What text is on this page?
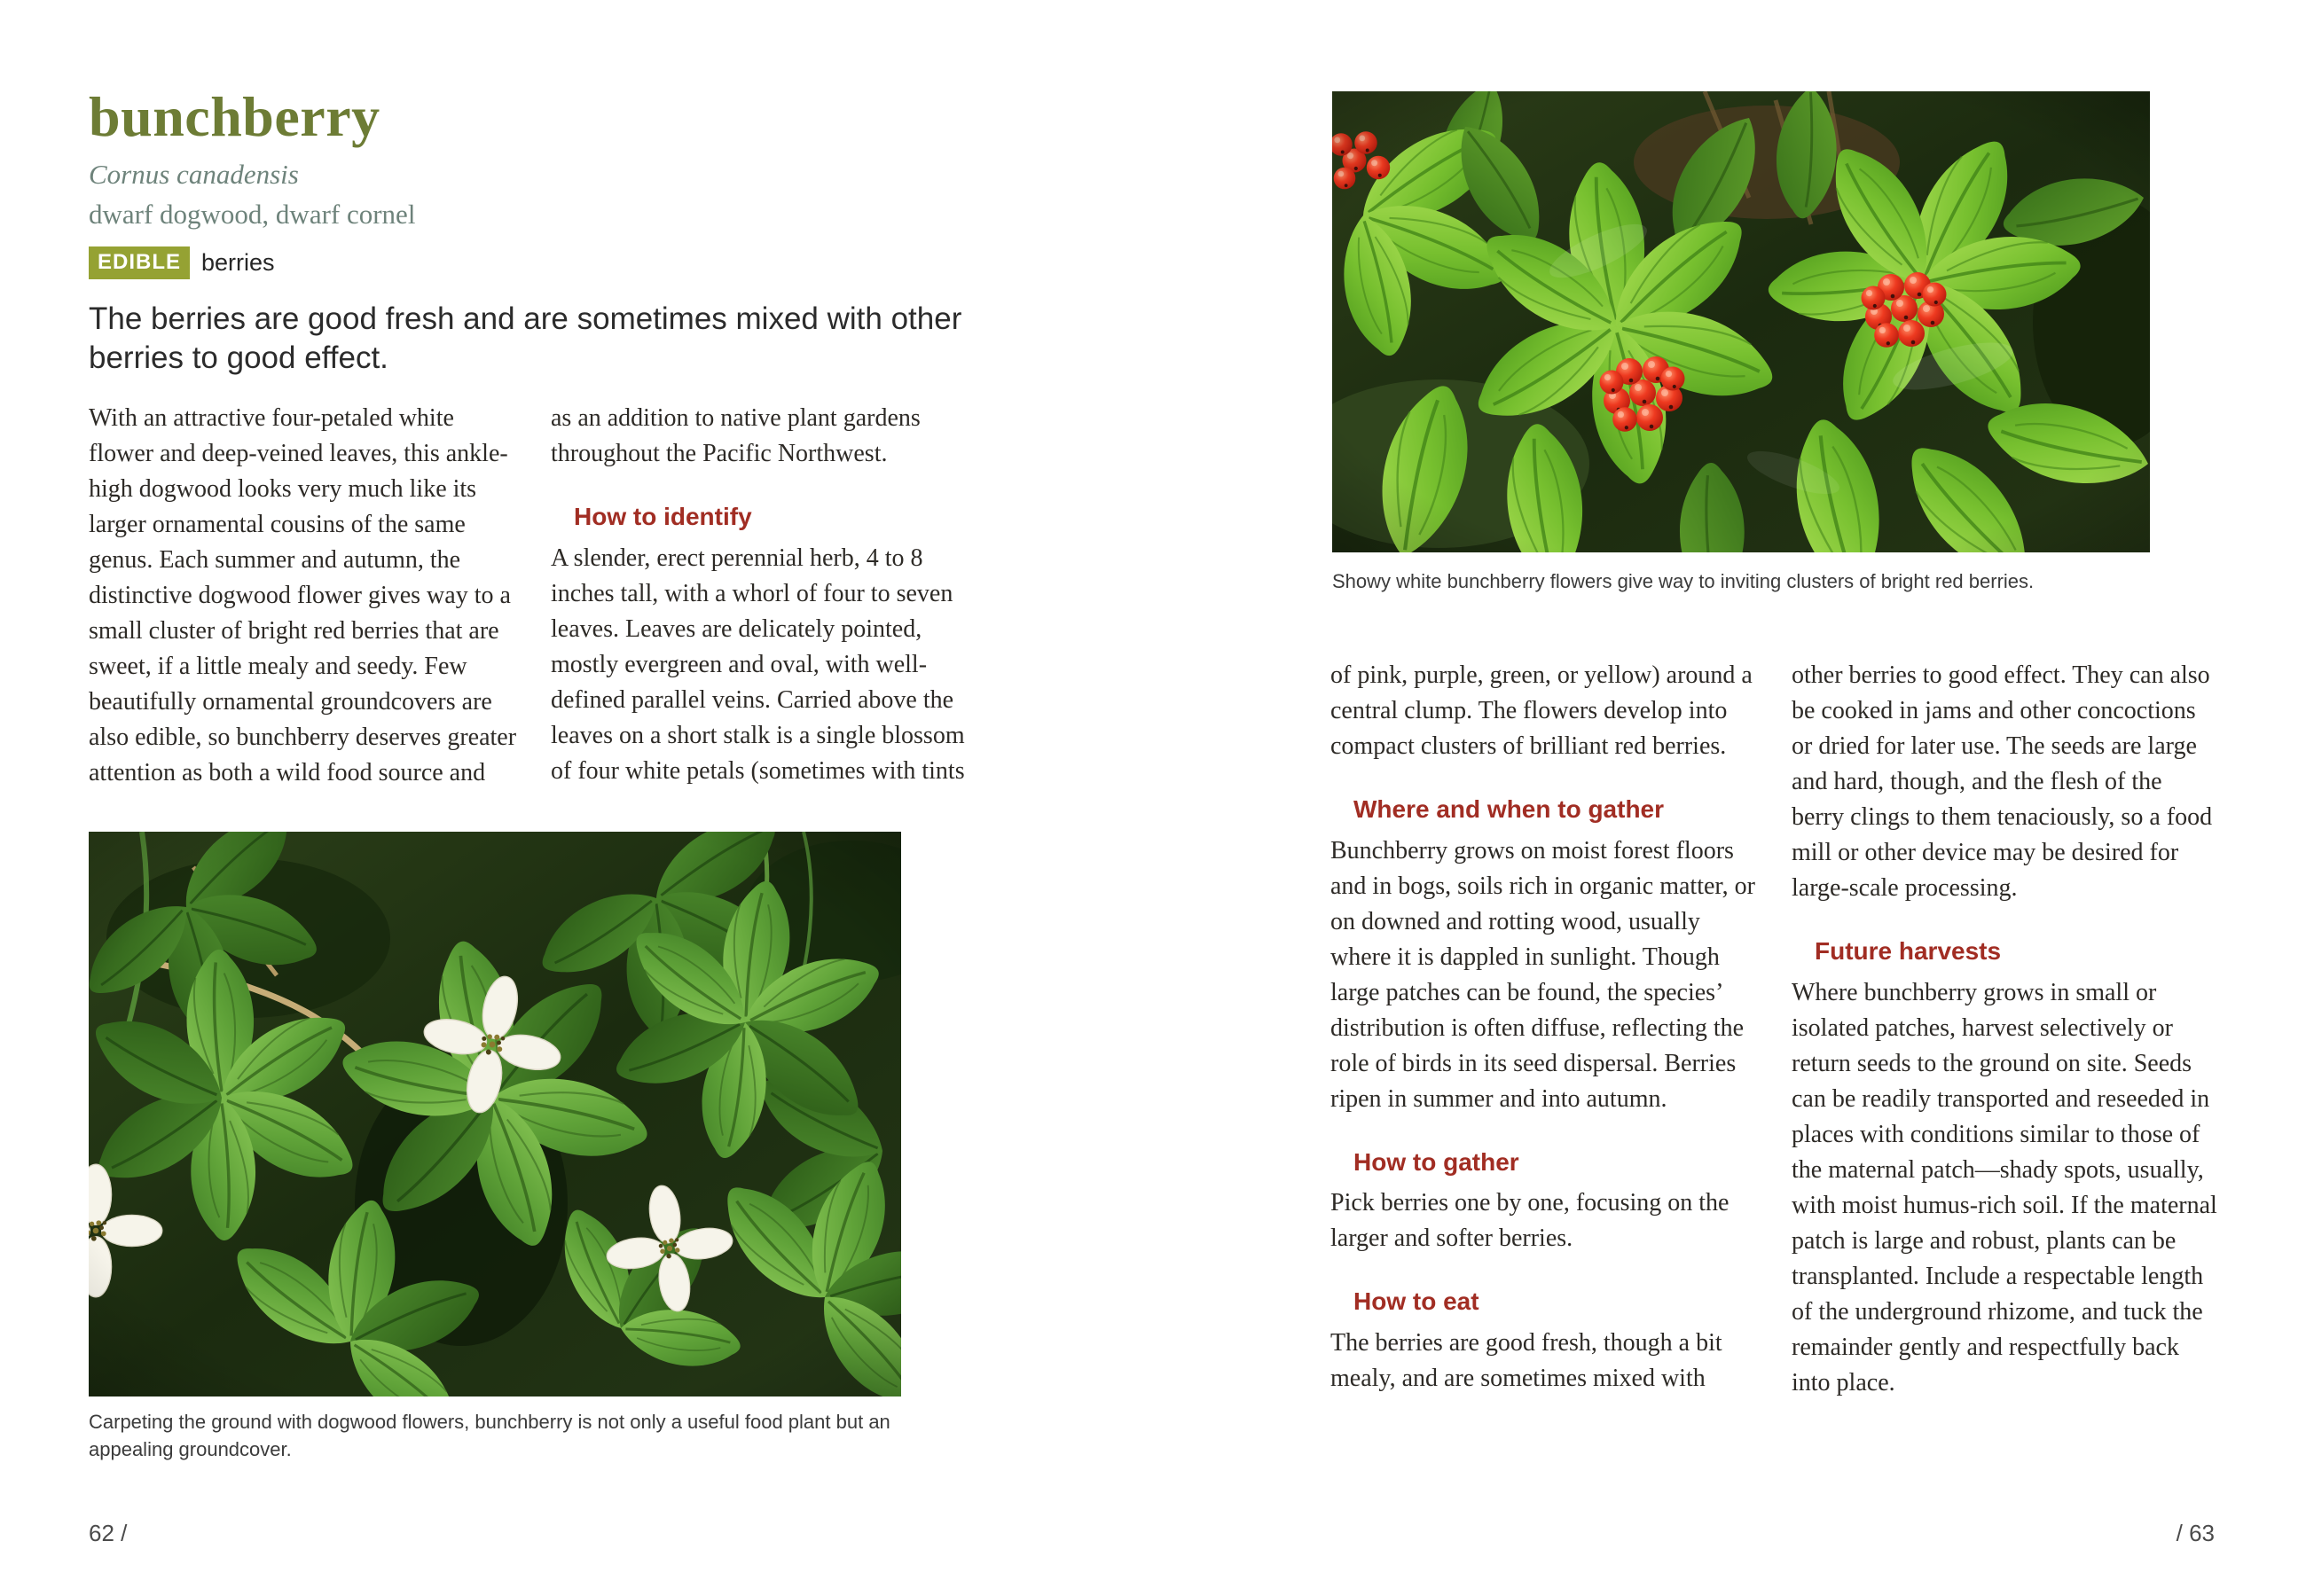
bunchberry
Cornus canadensis
dwarf dogwood, dwarf cornel
EDIBLE berries

The berries are good fresh and are sometimes mixed with other berries to good effect.

With an attractive four-petaled white flower and deep-veined leaves, this ankle-high dogwood looks very much like its larger ornamental cousins of the same genus. Each summer and autumn, the distinctive dogwood flower gives way to a small cluster of bright red berries that are sweet, if a little mealy and seedy. Few beautifully ornamental groundcovers are also edible, so bunchberry deserves greater attention as both a wild food source and

as an addition to native plant gardens throughout the Pacific Northwest.

How to identify

A slender, erect perennial herb, 4 to 8 inches tall, with a whorl of four to seven leaves. Leaves are delicately pointed, mostly evergreen and oval, with well-defined parallel veins. Carried above the leaves on a short stalk is a single blossom of four white petals (sometimes with tints

Carpeting the ground with dogwood flowers, bunchberry is not only a useful food plant but an appealing groundcover.
62 /
Showy white bunchberry flowers give way to inviting clusters of bright red berries.

of pink, purple, green, or yellow) around a central clump. The flowers develop into compact clusters of brilliant red berries.

Where and when to gather

Bunchberry grows on moist forest floors and in bogs, soils rich in organic matter, or on downed and rotting wood, usually where it is dappled in sunlight. Though large patches can be found, the species’ distribution is often diffuse, reflecting the role of birds in its seed dispersal. Berries ripen in summer and into autumn.

How to gather

Pick berries one by one, focusing on the larger and softer berries.

How to eat

The berries are good fresh, though a bit mealy, and are sometimes mixed with

other berries to good effect. They can also be cooked in jams and other concoctions or dried for later use. The seeds are large and hard, though, and the flesh of the berry clings to them tenaciously, so a food mill or other device may be desired for large-scale processing.

Future harvests

Where bunchberry grows in small or isolated patches, harvest selectively or return seeds to the ground on site. Seeds can be readily transported and reseeded in places with conditions similar to those of the maternal patch—shady spots, usually, with moist humus-rich soil. If the maternal patch is large and robust, plants can be transplanted. Include a respectable length of the underground rhizome, and tuck the remainder gently and respectfully back into place.

/ 63
